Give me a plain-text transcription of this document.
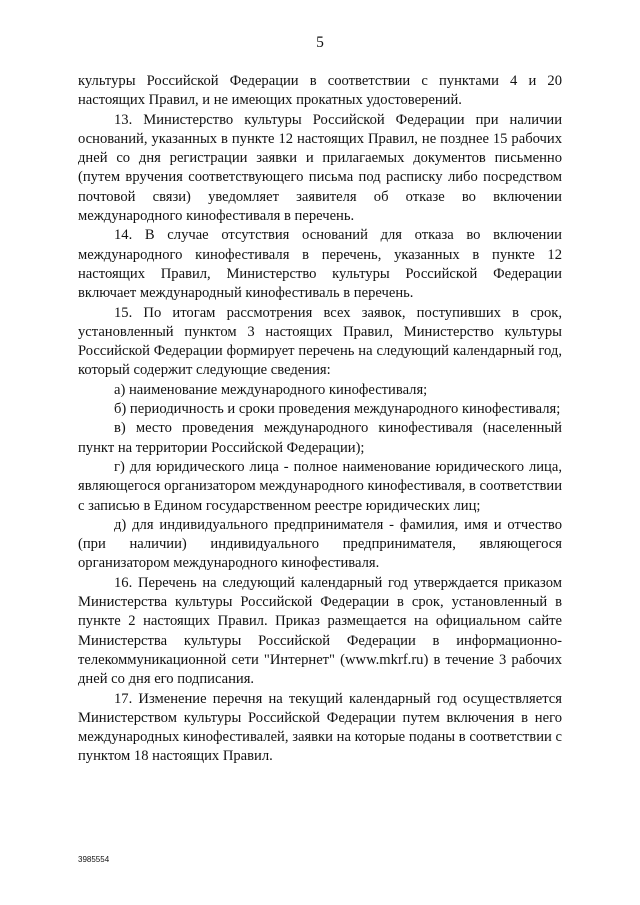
5

культуры Российской Федерации в соответствии с пунктами 4 и 20 настоящих Правил, и не имеющих прокатных удостоверений.

13. Министерство культуры Российской Федерации при наличии оснований, указанных в пункте 12 настоящих Правил, не позднее 15 рабочих дней со дня регистрации заявки и прилагаемых документов письменно (путем вручения соответствующего письма под расписку либо посредством почтовой связи) уведомляет заявителя об отказе во включении международного кинофестиваля в перечень.

14. В случае отсутствия оснований для отказа во включении международного кинофестиваля в перечень, указанных в пункте 12 настоящих Правил, Министерство культуры Российской Федерации включает международный кинофестиваль в перечень.

15. По итогам рассмотрения всех заявок, поступивших в срок, установленный пунктом 3 настоящих Правил, Министерство культуры Российской Федерации формирует перечень на следующий календарный год, который содержит следующие сведения:

а) наименование международного кинофестиваля;

б) периодичность и сроки проведения международного кинофестиваля;

в) место проведения международного кинофестиваля (населенный пункт на территории Российской Федерации);

г) для юридического лица - полное наименование юридического лица, являющегося организатором международного кинофестиваля, в соответствии с записью в Едином государственном реестре юридических лиц;

д) для индивидуального предпринимателя - фамилия, имя и отчество (при наличии) индивидуального предпринимателя, являющегося организатором международного кинофестиваля.

16. Перечень на следующий календарный год утверждается приказом Министерства культуры Российской Федерации в срок, установленный в пункте 2 настоящих Правил. Приказ размещается на официальном сайте Министерства культуры Российской Федерации в информационно-телекоммуникационной сети "Интернет" (www.mkrf.ru) в течение 3 рабочих дней со дня его подписания.

17. Изменение перечня на текущий календарный год осуществляется Министерством культуры Российской Федерации путем включения в него международных кинофестивалей, заявки на которые поданы в соответствии с пунктом 18 настоящих Правил.

3985554
